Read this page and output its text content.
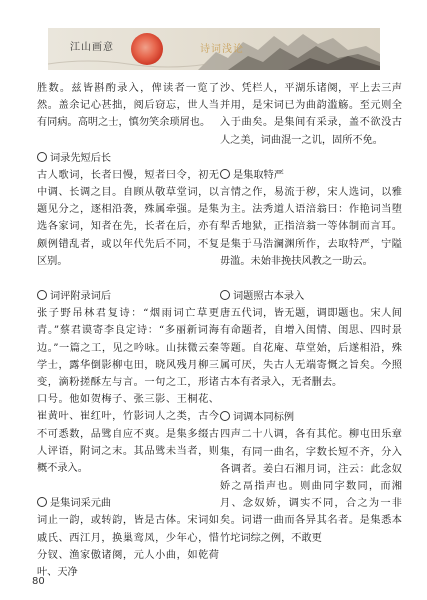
江山画意	诗词浅论

胜数。兹皆斟酌录入，俾读者一览了然。盖余记心甚拙，阅后窃忘，世人当有同病。高明之士，慎勿笑余琐屑也。

词录先短后长

古人歌词，长者曰慢，短者曰令，初无中调、长调之目。自顾从敬草堂词，以题见分之，逐相沿袭，殊属牵强。是集选各家词，知者在先，长者在后，亦有颇例错乱者，或以年代先后不同，不复区别。

词评附录词后

张子野吊林君复诗：“烟雨词亡草更青。”蔡君谟寄李良定诗：“多丽新词海边。”一篇之工，见之吟咏。山抹微云秦学士，露华倒影柳屯田，晓风残月柳三变，滴粉搓酥左与言。一句之工，形诸口号。他如贺梅子、张三影、王桐花、崔黄叶、崔红叶，竹影词人之类，古今不可悉数，品骘自应不爽。是集多缀古人评语，附词之末。其品骘未当者，则概不录入。

是集词采元曲

词止一韵，或转韵，皆是古体。宋词如戚氏、西江月，换巢鸾凤，少年心，惜分钗、渔家傲诸阕，元人小曲，如乾荷叶、天净

沙、凭栏人，平湖乐诸阕，平上去三声并用，是宋词已为曲韵滥觞。至元则全入于曲矣。是集间有采录，盖不欲没古人之美，词曲混一之讥，固所不免。

是集取特严

言情之作，易流于秽，宋人选词，以雅为主。法秀道人语涪翁曰：作艳词当堕犁舌地狱，正指涪翁一等体制而言耳。是集于马浩澜渊所作，去取特严，宁隘毋滥。未始非挽扶风教之一助云。

词题照古本录入

唐五代词，皆无题，调即题也。宋人间有命题者，自增入闺情、闺思、四时景等题。自花庵、草堂始，后遂相沿，殊属可厌，失古人无端寄慨之旨矣。今照古本有者录入，无者删去。

词调本同标例

四声二十八调，各有其佗。柳屯田乐章集，有同一曲名，字数长短不齐，分入各调者。姜白石湘月词，注云：此念奴娇之鬲指声也。则曲同字数同，而湘月、念奴娇，调实不同，合之为一非矣。词谱一曲而各异其名者。是集悉本竹坨词综之例，不敢更

80
